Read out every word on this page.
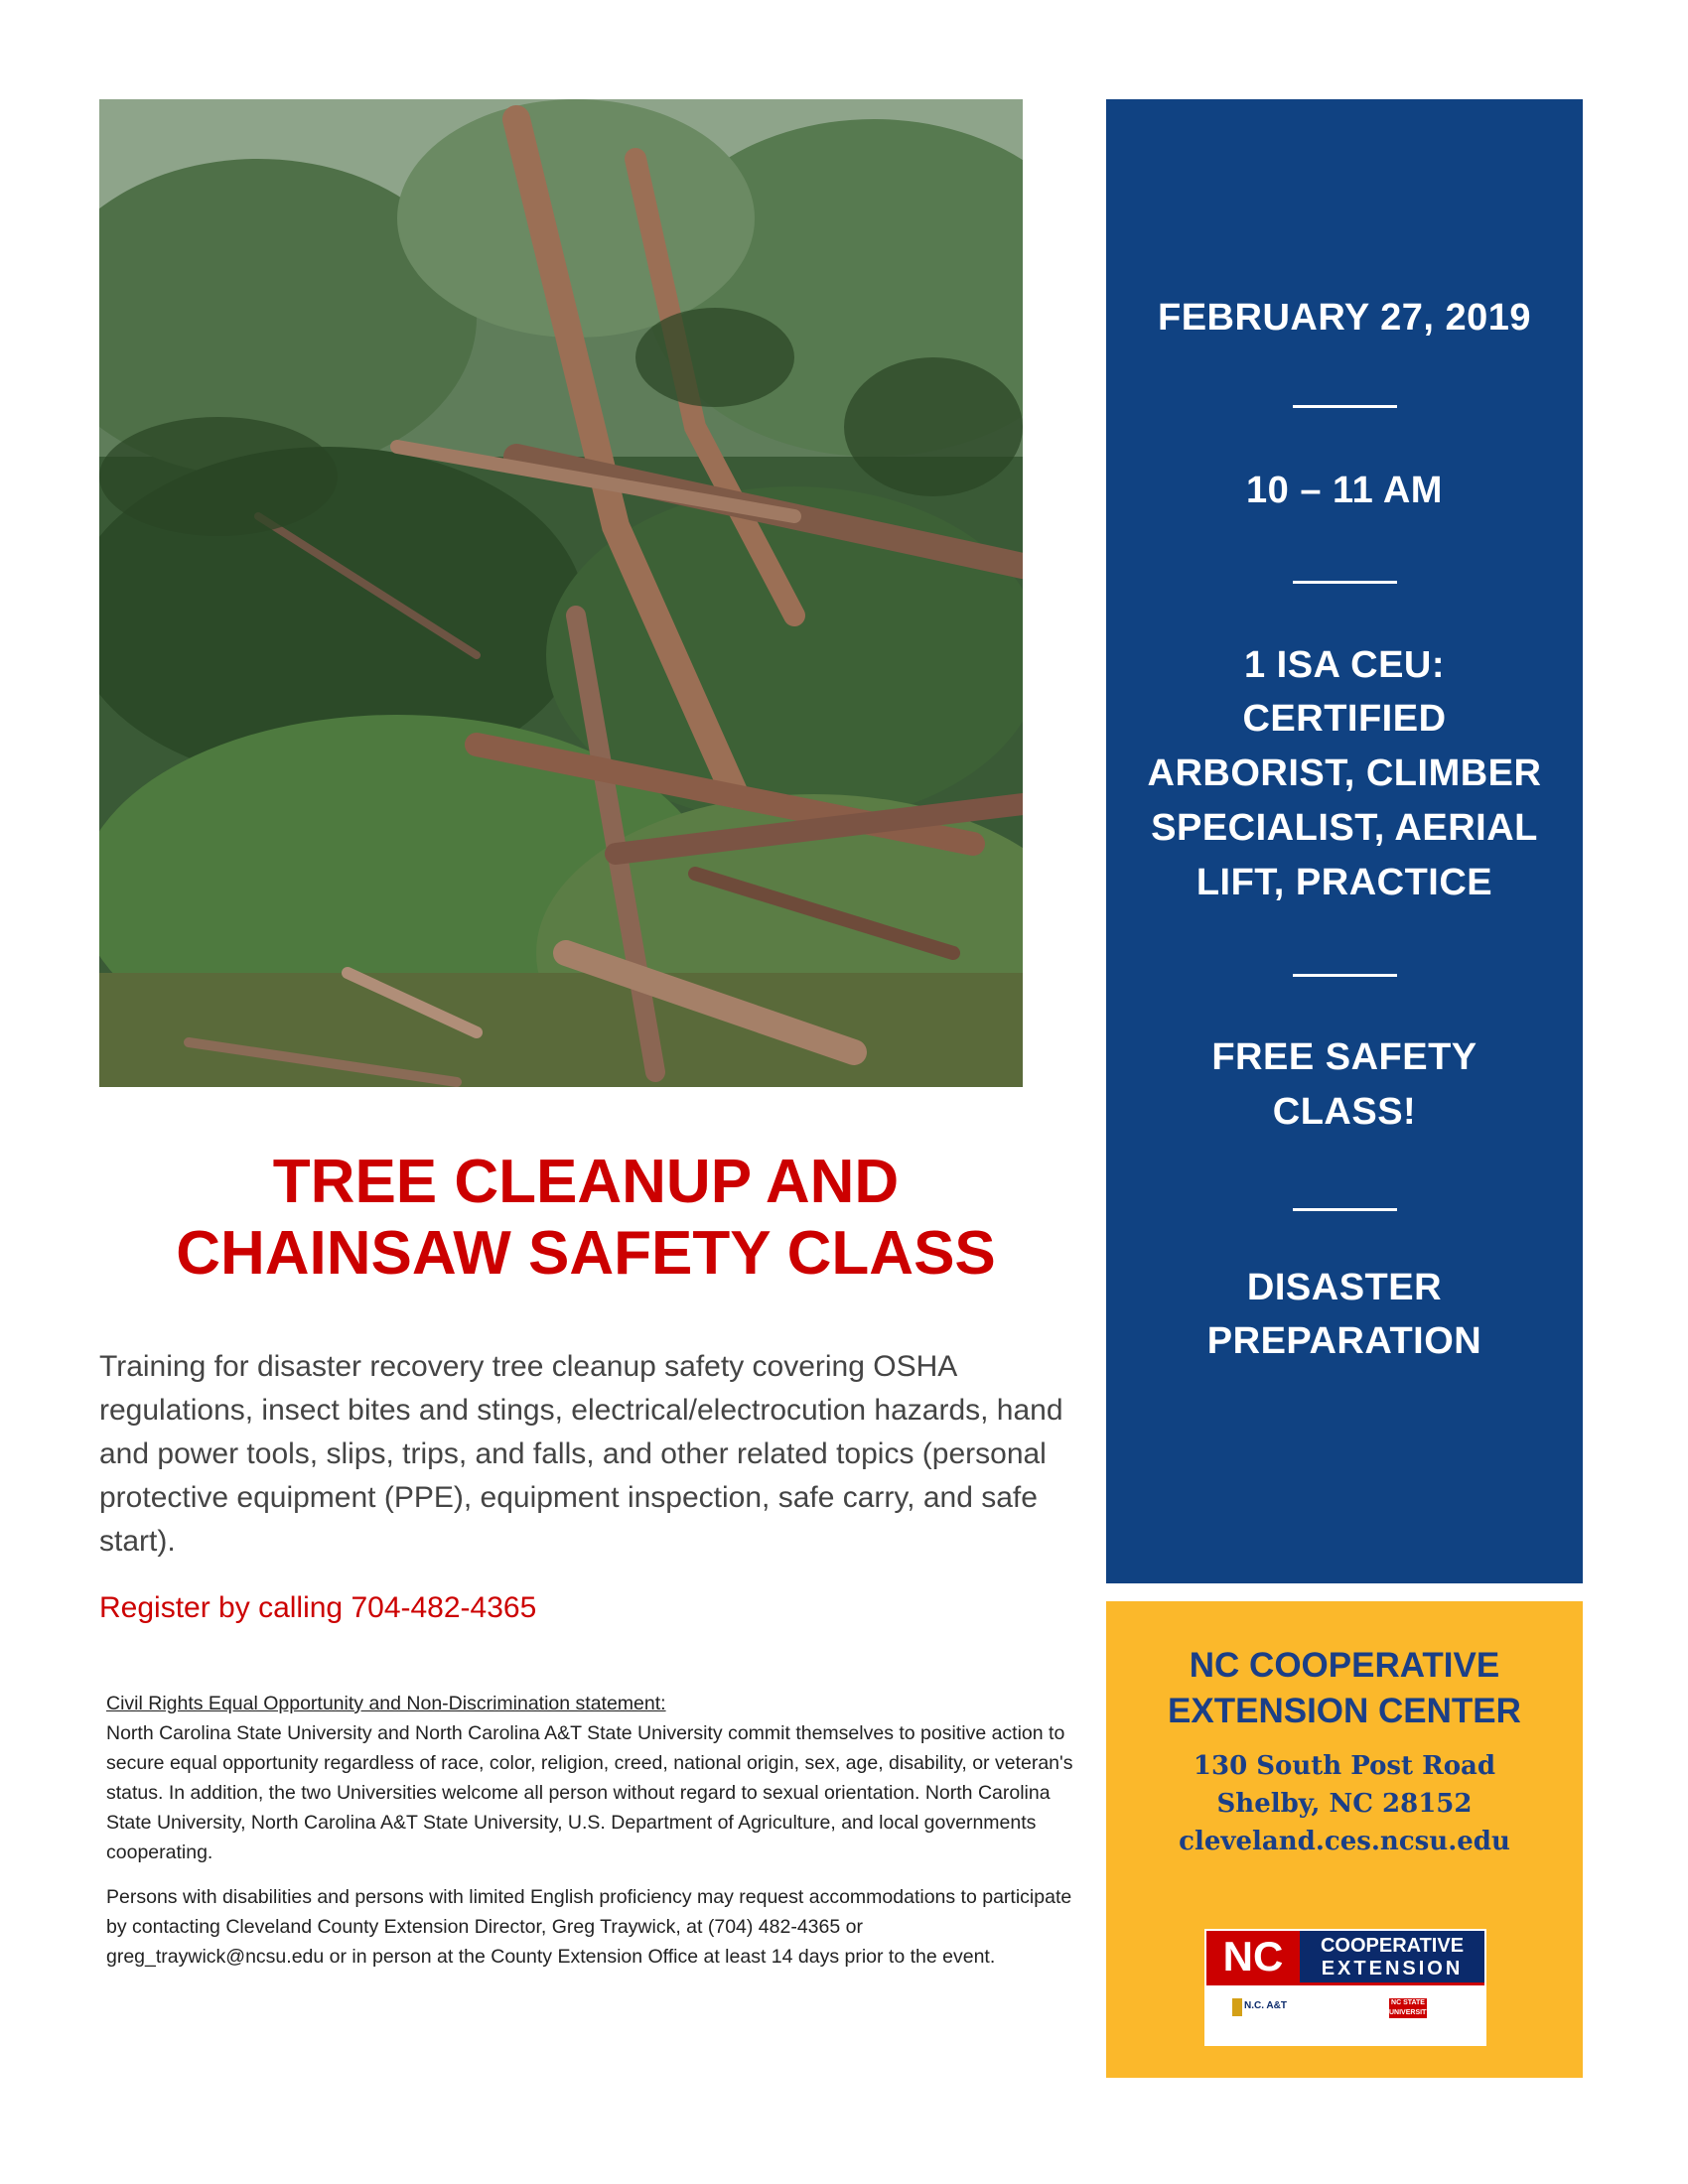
TREE CLEANUP AND
CHAINSAW SAFETY CLASS

Training for disaster recovery tree cleanup safety covering OSHA regulations, insect bites and stings, electrical/electrocution hazards, hand and power tools, slips, trips, and falls, and other related topics (personal protective equipment (PPE), equipment inspection, safe carry, and safe start).

Register by calling 704-482-4365

Civil Rights Equal Opportunity and Non-Discrimination statement:
North Carolina State University and North Carolina A&T State University commit themselves to positive action to secure equal opportunity regardless of race, color, religion, creed, national origin, sex, age, disability, or veteran's status. In addition, the two Universities welcome all person without regard to sexual orientation. North Carolina State University, North Carolina A&T State University, U.S. Department of Agriculture, and local governments cooperating.

Persons with disabilities and persons with limited English proficiency may request accommodations to participate by contacting Cleveland County Extension Director, Greg Traywick, at (704) 482-4365 or greg_traywick@ncsu.edu or in person at the County Extension Office at least 14 days prior to the event.

FEBRUARY 27, 2019
10 – 11 AM
1 ISA CEU:
CERTIFIED
ARBORIST, CLIMBER
SPECIALIST, AERIAL
LIFT, PRACTICE
FREE SAFETY
CLASS!
DISASTER
PREPARATION
NC COOPERATIVE
EXTENSION CENTER
130 South Post Road
Shelby, NC 28152
cleveland.ces.ncsu.edu
NC	COOPERATIVE
EXTENSION
N.C. A&T	NC STATE UNIVERSITY
